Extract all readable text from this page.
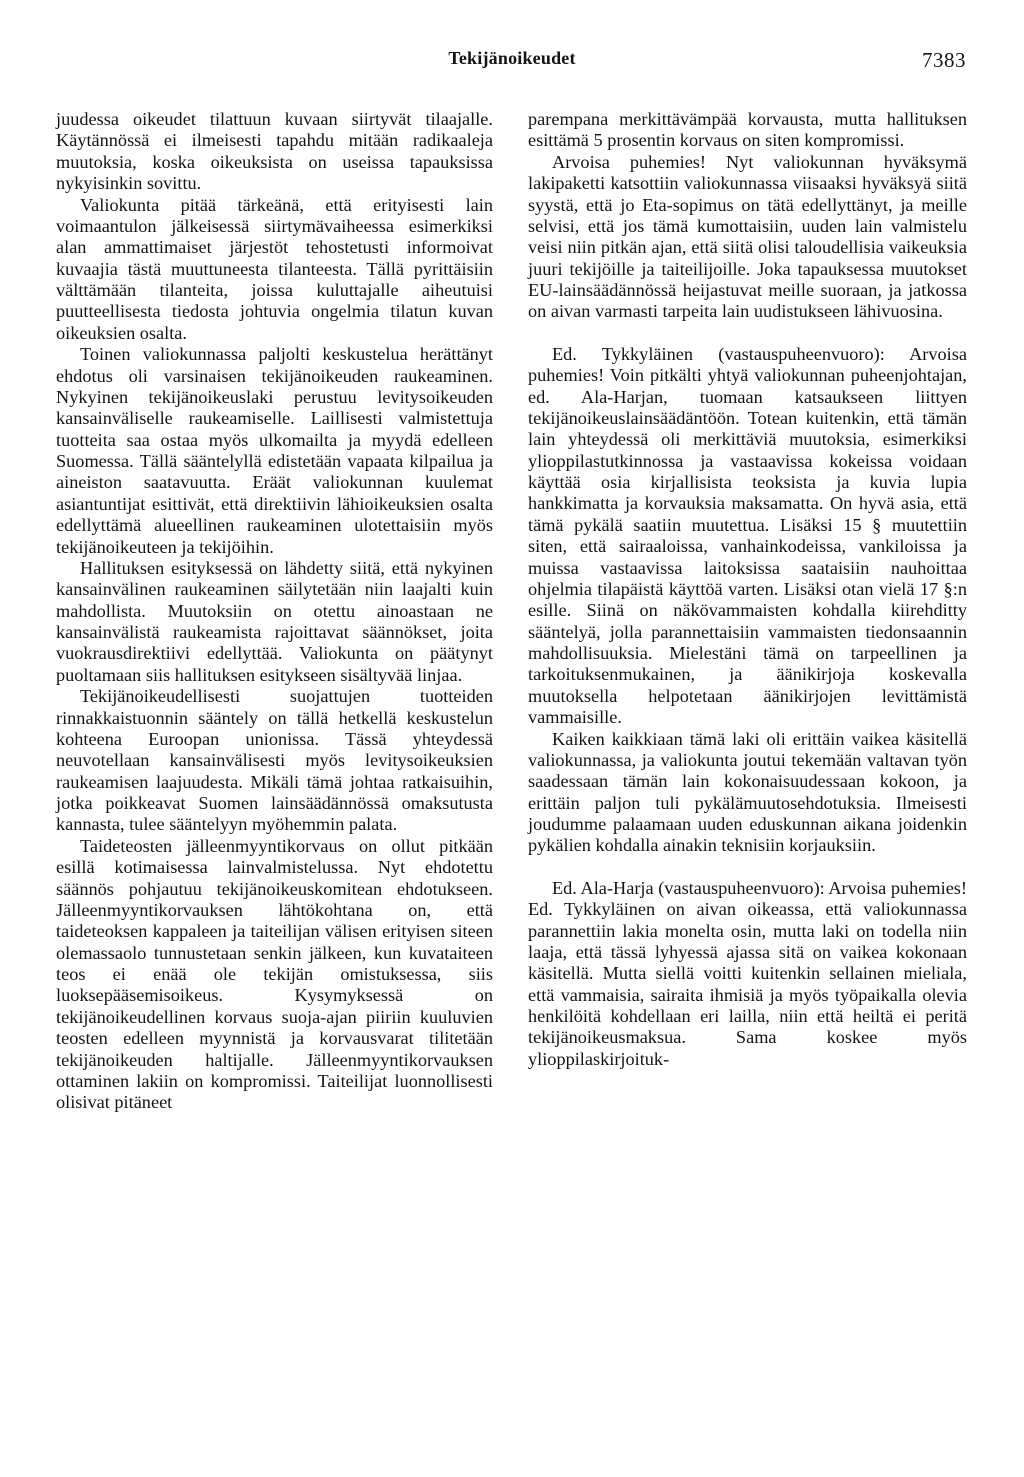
Tekijänoikeudet	7383

juudessa oikeudet tilattuun kuvaan siirtyvät tilaajalle. Käytännössä ei ilmeisesti tapahdu mitään radikaaleja muutoksia, koska oikeuksista on useissa tapauksissa nykyisinkin sovittu.

Valiokunta pitää tärkeänä, että erityisesti lain voimaantulon jälkeisessä siirtymävaiheessa esimerkiksi alan ammattimaiset järjestöt tehostetusti informoivat kuvaajia tästä muuttuneesta tilanteesta. Tällä pyrittäisiin välttämään tilanteita, joissa kuluttajalle aiheutuisi puutteellisesta tiedosta johtuvia ongelmia tilatun kuvan oikeuksien osalta.

Toinen valiokunnassa paljolti keskustelua herättänyt ehdotus oli varsinaisen tekijänoikeuden raukeaminen. Nykyinen tekijänoikeuslaki perustuu levitysoikeuden kansainväliselle raukeamiselle. Laillisesti valmistettuja tuotteita saa ostaa myös ulkomailta ja myydä edelleen Suomessa. Tällä sääntelyllä edistetään vapaata kilpailua ja aineiston saatavuutta. Eräät valiokunnan kuulemat asiantuntijat esittivät, että direktiivin lähioikeuksien osalta edellyttämä alueellinen raukeaminen ulotettaisiin myös tekijänoikeuteen ja tekijöihin.

Hallituksen esityksessä on lähdetty siitä, että nykyinen kansainvälinen raukeaminen säilytetään niin laajalti kuin mahdollista. Muutoksiin on otettu ainoastaan ne kansainvälistä raukeamista rajoittavat säännökset, joita vuokrausdirektiivi edellyttää. Valiokunta on päätynyt puoltamaan siis hallituksen esitykseen sisältyvää linjaa.

Tekijänoikeudellisesti suojattujen tuotteiden rinnakkaistuonnin sääntely on tällä hetkellä keskustelun kohteena Euroopan unionissa. Tässä yhteydessä neuvotellaan kansainvälisesti myös levitysoikeuksien raukeamisen laajuudesta. Mikäli tämä johtaa ratkaisuihin, jotka poikkeavat Suomen lainsäädännössä omaksutusta kannasta, tulee sääntelyyn myöhemmin palata.

Taideteosten jälleenmyyntikorvaus on ollut pitkään esillä kotimaisessa lainvalmistelussa. Nyt ehdotettu säännös pohjautuu tekijänoikeuskomitean ehdotukseen. Jälleenmyyntikorvauksen lähtökohtana on, että taideteoksen kappaleen ja taiteilijan välisen erityisen siteen olemassaolo tunnustetaan senkin jälkeen, kun kuvataiteen teos ei enää ole tekijän omistuksessa, siis luoksepääsemisoikeus. Kysymyksessä on tekijänoikeudellinen korvaus suoja-ajan piiriin kuuluvien teosten edelleen myynnistä ja korvausvarat tilitetään tekijänoikeuden haltijalle. Jälleenmyyntikorvauksen ottaminen lakiin on kompromissi. Taiteilijat luonnollisesti olisivat pitäneet

parempana merkittävämpää korvausta, mutta hallituksen esittämä 5 prosentin korvaus on siten kompromissi.

Arvoisa puhemies! Nyt valiokunnan hyväksymä lakipaketti katsottiin valiokunnassa viisaaksi hyväksyä siitä syystä, että jo Eta-sopimus on tätä edellyttänyt, ja meille selvisi, että jos tämä kumottaisiin, uuden lain valmistelu veisi niin pitkän ajan, että siitä olisi taloudellisia vaikeuksia juuri tekijöille ja taiteilijoille. Joka tapauksessa muutokset EU-lainsäädännössä heijastuvat meille suoraan, ja jatkossa on aivan varmasti tarpeita lain uudistukseen lähivuosina.

Ed. Tykkyläinen (vastauspuheenvuoro): Arvoisa puhemies! Voin pitkälti yhtyä valiokunnan puheenjohtajan, ed. Ala-Harjan, tuomaan katsaukseen liittyen tekijänoikeuslainsäädäntöön. Totean kuitenkin, että tämän lain yhteydessä oli merkittäviä muutoksia, esimerkiksi ylioppilastutkinnossa ja vastaavissa kokeissa voidaan käyttää osia kirjallisista teoksista ja kuvia lupia hankkimatta ja korvauksia maksamatta. On hyvä asia, että tämä pykälä saatiin muutettua. Lisäksi 15 § muutettiin siten, että sairaaloissa, vanhainkodeissa, vankiloissa ja muissa vastaavissa laitoksissa saataisiin nauhoittaa ohjelmia tilapäistä käyttöä varten. Lisäksi otan vielä 17 §:n esille. Siinä on näkövammaisten kohdalla kiirehditty sääntelyä, jolla parannettaisiin vammaisten tiedonsaannin mahdollisuuksia. Mielestäni tämä on tarpeellinen ja tarkoituksenmukainen, ja äänikirjoja koskevalla muutoksella helpotetaan äänikirjojen levittämistä vammaisille.

Kaiken kaikkiaan tämä laki oli erittäin vaikea käsitellä valiokunnassa, ja valiokunta joutui tekemään valtavan työn saadessaan tämän lain kokonaisuudessaan kokoon, ja erittäin paljon tuli pykälämuutosehdotuksia. Ilmeisesti joudumme palaamaan uuden eduskunnan aikana joidenkin pykälien kohdalla ainakin teknisiin korjauksiin.

Ed. Ala-Harja (vastauspuheenvuoro): Arvoisa puhemies! Ed. Tykkyläinen on aivan oikeassa, että valiokunnassa parannettiin lakia monelta osin, mutta laki on todella niin laaja, että tässä lyhyessä ajassa sitä on vaikea kokonaan käsitellä. Mutta siellä voitti kuitenkin sellainen mieliala, että vammaisia, sairaita ihmisiä ja myös työpaikalla olevia henkilöitä kohdellaan eri lailla, niin että heiltä ei peritä tekijänoikeusmaksua. Sama koskee myös ylioppilaskirjoituk-
